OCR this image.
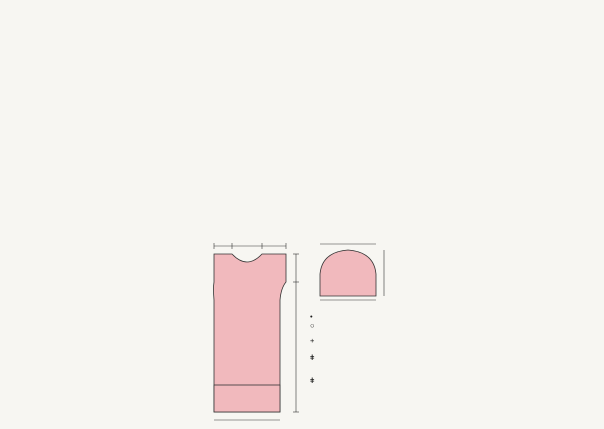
•
○
+
ǂ
ǂ
